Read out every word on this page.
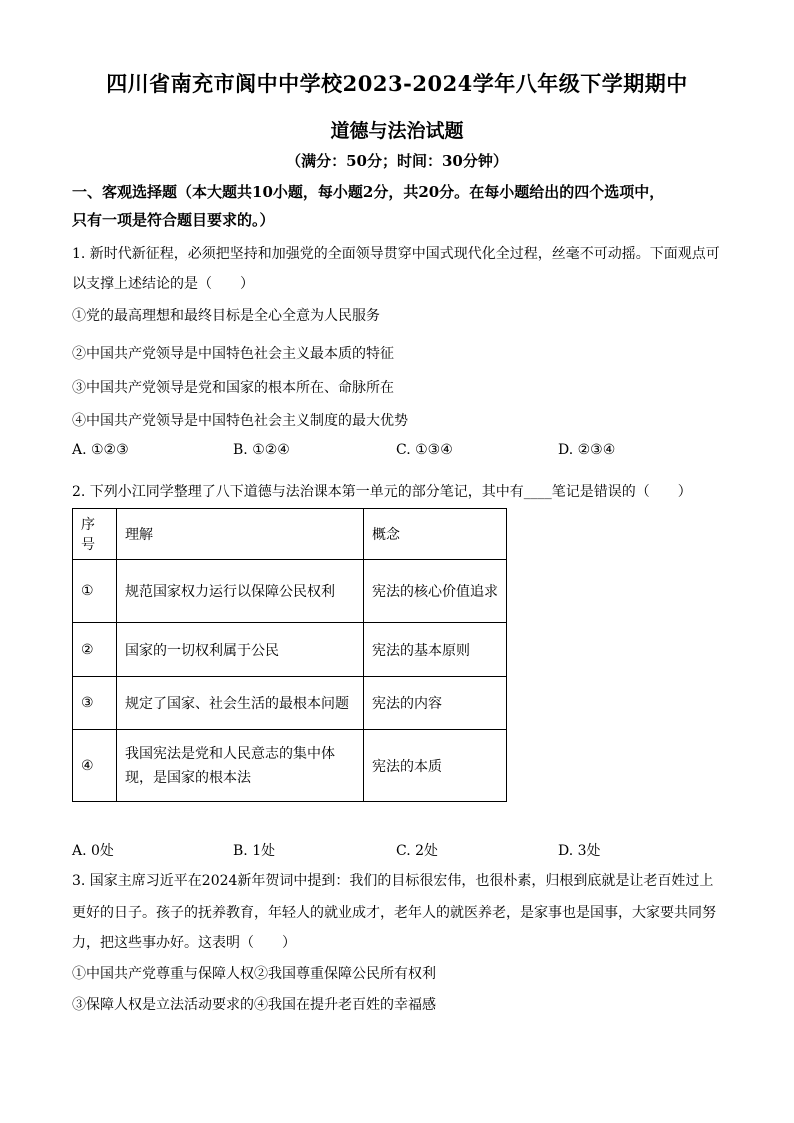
四川省南充市阆中中学校2023-2024学年八年级下学期期中
道德与法治试题
（满分：50分；时间：30分钟）
一、客观选择题（本大题共10小题，每小题2分，共20分。在每小题给出的四个选项中，
只有一项是符合题目要求的。）
1. 新时代新征程，必须把坚持和加强党的全面领导贯穿中国式现代化全过程，丝毫不可动摇。下面观点可
以支撑上述结论的是（　　）
①党的最高理想和最终目标是全心全意为人民服务
②中国共产党领导是中国特色社会主义最本质的特征
③中国共产党领导是党和国家的根本所在、命脉所在
④中国共产党领导是中国特色社会主义制度的最大优势
A. ①②③	B. ①②④	C. ①③④	D. ②③④
2. 下列小江同学整理了八下道德与法治课本第一单元的部分笔记，其中有____笔记是错误的（　　）
序号	理解	概念
①	规范国家权力运行以保障公民权利	宪法的核心价值追求
②	国家的一切权利属于公民	宪法的基本原则
③	规定了国家、社会生活的最根本问题	宪法的内容
④	我国宪法是党和人民意志的集中体
现，是国家的根本法	宪法的本质
A. 0处	B. 1处	C. 2处	D. 3处
3. 国家主席习近平在2024新年贺词中提到：我们的目标很宏伟，也很朴素，归根到底就是让老百姓过上
更好的日子。孩子的抚养教育，年轻人的就业成才，老年人的就医养老，是家事也是国事，大家要共同努
力，把这些事办好。这表明（　　）
①中国共产党尊重与保障人权②我国尊重保障公民所有权利
③保障人权是立法活动要求的④我国在提升老百姓的幸福感
